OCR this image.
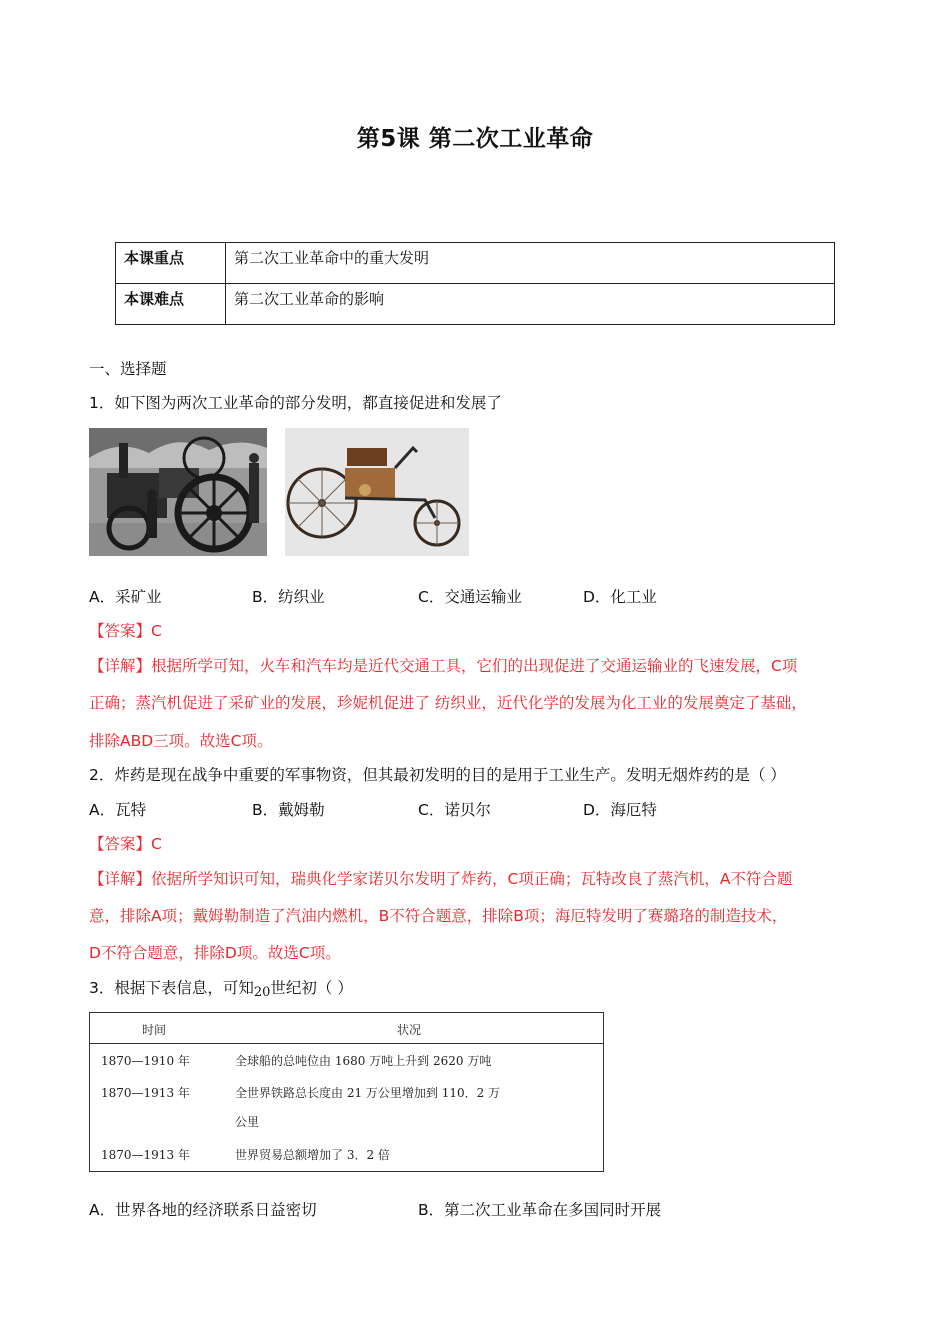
第5课 第二次工业革命
本课重点	第二次工业革命中的重大发明
本课难点	第二次工业革命的影响
一、选择题
1．如下图为两次工业革命的部分发明，都直接促进和发展了
A．采矿业	B．纺织业	C．交通运输业	D．化工业
【答案】C
【详解】根据所学可知，火车和汽车均是近代交通工具，它们的出现促进了交通运输业的飞速发展，C项
正确；蒸汽机促进了采矿业的发展，珍妮机促进了 纺织业，近代化学的发展为化工业的发展奠定了基础，
排除ABD三项。故选C项。
2．炸药是现在战争中重要的军事物资，但其最初发明的目的是用于工业生产。发明无烟炸药的是（ ）
A．瓦特	B．戴姆勒	C．诺贝尔	D．海厄特
【答案】C
【详解】依据所学知识可知，瑞典化学家诺贝尔发明了炸药，C项正确；瓦特改良了蒸汽机，A不符合题
意，排除A项；戴姆勒制造了汽油内燃机，B不符合题意，排除B项；海厄特发明了赛璐珞的制造技术，
D不符合题意，排除D项。故选C项。
3．根据下表信息，可知20世纪初（ ）
时间	状况
1870—1910 年	全球船的总吨位由 1680 万吨上升到 2620 万吨
1870—1913 年	全世界铁路总长度由 21 万公里增加到 110．2 万
公里
1870—1913 年	世界贸易总额增加了 3．2 倍
A．世界各地的经济联系日益密切	B．第二次工业革命在多国同时开展
